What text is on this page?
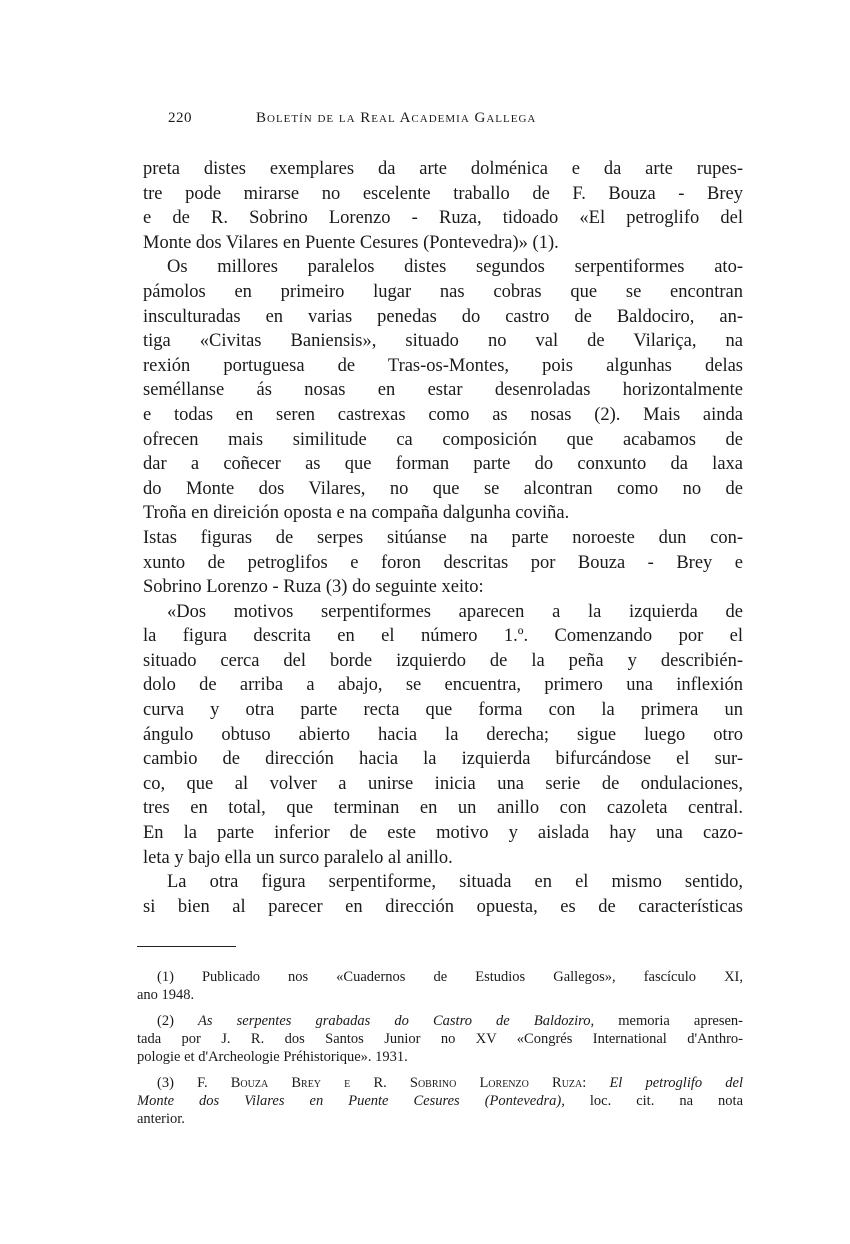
220	Boletín de la Real Academia Gallega
preta distes exemplares da arte dolménica e da arte rupes-
tre pode mirarse no escelente traballo de F. Bouza - Brey
e de R. Sobrino Lorenzo - Ruza, tidoado «El petroglifo del
Monte dos Vilares en Puente Cesures (Pontevedra)» (1).
Os millores paralelos distes segundos serpentiformes ato-
pámolos en primeiro lugar nas cobras que se encontran
insculturadas en varias penedas do castro de Baldociro, an-
tiga «Civitas Baniensis», situado no val de Vilariça, na
rexión portuguesa de Tras-os-Montes, pois algunhas delas
seméllanse ás nosas en estar desenroladas horizontalmente
e todas en seren castrexas como as nosas (2). Mais ainda
ofrecen mais similitude ca composición que acabamos de
dar a coñecer as que forman parte do conxunto da laxa
do Monte dos Vilares, no que se alcontran como no de
Troña en direición oposta e na compaña dalgunha coviña.
Istas figuras de serpes sitúanse na parte noroeste dun con-
xunto de petroglifos e foron descritas por Bouza - Brey e
Sobrino Lorenzo - Ruza (3) do seguinte xeito:
«Dos motivos serpentiformes aparecen a la izquierda de
la figura descrita en el número 1.º. Comenzando por el
situado cerca del borde izquierdo de la peña y describién-
dolo de arriba a abajo, se encuentra, primero una inflexión
curva y otra parte recta que forma con la primera un
ángulo obtuso abierto hacia la derecha; sigue luego otro
cambio de dirección hacia la izquierda bifurcándose el sur-
co, que al volver a unirse inicia una serie de ondulaciones,
tres en total, que terminan en un anillo con cazoleta central.
En la parte inferior de este motivo y aislada hay una cazo-
leta y bajo ella un surco paralelo al anillo.
La otra figura serpentiforme, situada en el mismo sentido,
si bien al parecer en dirección opuesta, es de características
(1) Publicado nos «Cuadernos de Estudios Gallegos», fascículo XI,
ano 1948.
(2) As serpentes grabadas do Castro de Baldoziro, memoria apresen-
tada por J. R. dos Santos Junior no XV «Congrés International d'Anthro-
pologie et d'Archeologie Préhistorique». 1931.
(3) F. Bouza Brey e R. Sobrino Lorenzo Ruza: El petroglifo del
Monte dos Vilares en Puente Cesures (Pontevedra), loc. cit. na nota
anterior.
